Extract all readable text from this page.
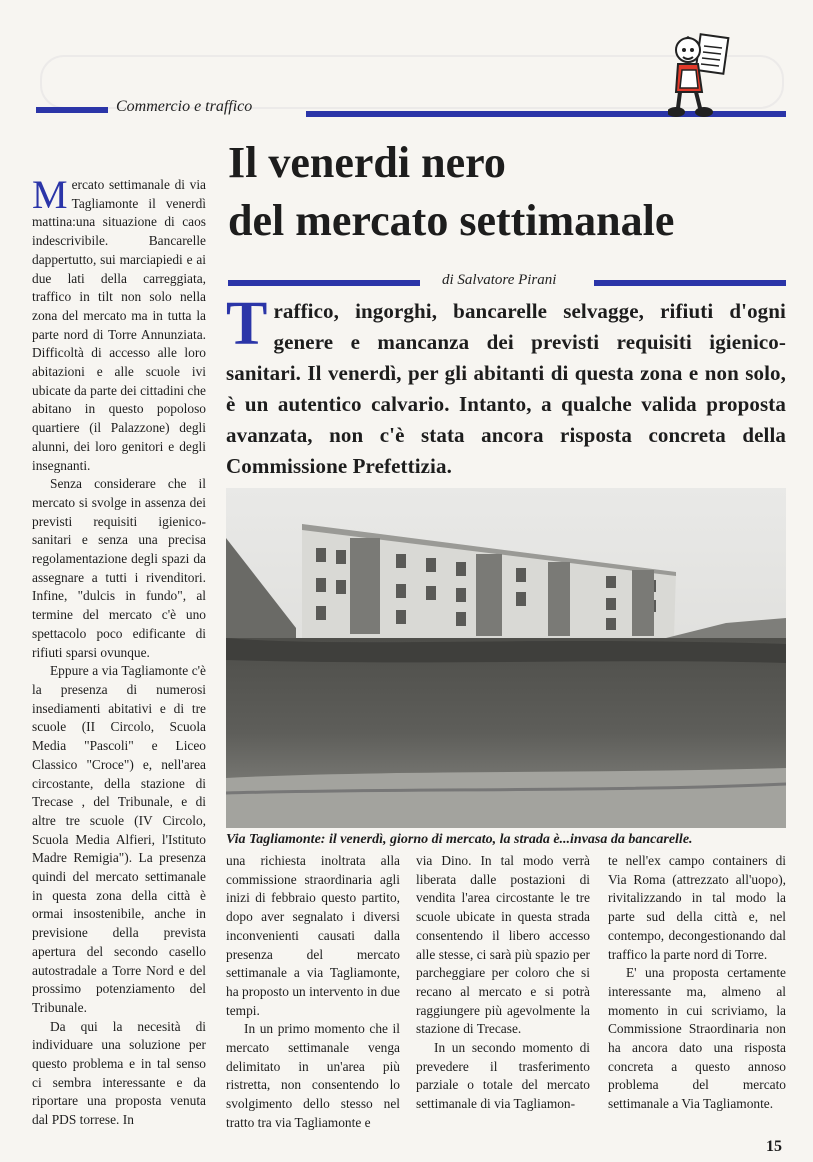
Commercio e traffico
Il venerdi nero
del mercato settimanale
di Salvatore Pirani
Traffico, ingorghi, bancarelle selvagge, rifiuti d'ogni genere e mancanza dei previsti requisiti igienico-sanitari. Il venerdì, per gli abitanti di questa zona e non solo, è un autentico calvario. Intanto, a qualche valida proposta avanzata, non c'è stata ancora risposta concreta della Commissione Prefettizia.

Mercato settimanale di via Tagliamonte il venerdì mattina:una situazione di caos indescrivibile. Bancarelle dappertutto, sui marciapiedi e ai due lati della carreggiata, traffico in tilt non solo nella zona del mercato ma in tutta la parte nord di Torre Annunziata. Difficoltà di accesso alle loro abitazioni e alle scuole ivi ubicate da parte dei cittadini che abitano in questo popoloso quartiere (il Palazzone) degli alunni, dei loro genitori e degli insegnanti.

Senza considerare che il mercato si svolge in assenza dei previsti requisiti igienico-sanitari e senza una precisa regolamentazione degli spazi da assegnare a tutti i rivenditori. Infine, "dulcis in fundo", al termine del mercato c'è uno spettacolo poco edificante di rifiuti sparsi ovunque.

Eppure a via Tagliamonte c'è la presenza di numerosi insediamenti abitativi e di tre scuole (II Circolo, Scuola Media "Pascoli" e Liceo Classico "Croce") e, nell'area circostante, della stazione di Trecase , del Tribunale, e di altre tre scuole (IV Circolo, Scuola Media Alfieri, l'Istituto Madre Remigia"). La presenza quindi del mercato settimanale in questa zona della città è ormai insostenibile, anche in previsione della prevista apertura del secondo casello autostradale a Torre Nord e del prossimo potenziamento del Tribunale.

Da qui la necesità di individuare una soluzione per questo problema e in tal senso ci sembra interessante e da riportare una proposta venuta dal PDS torrese. In

Via Tagliamonte: il venerdì, giorno di mercato, la strada è...invasa da bancarelle.

una richiesta inoltrata alla commissione straordinaria agli inizi di febbraio questo partito, dopo aver segnalato i diversi inconvenienti causati dalla presenza del mercato settimanale a via Tagliamonte, ha proposto un intervento in due tempi.

In un primo momento che il mercato settimanale venga delimitato in un'area più ristretta, non consentendo lo svolgimento dello stesso nel tratto tra via Tagliamonte e

via Dino. In tal modo verrà liberata dalle postazioni di vendita l'area circostante le tre scuole ubicate in questa strada consentendo il libero accesso alle stesse, ci sarà più spazio per parcheggiare per coloro che si recano al mercato e si potrà raggiungere più agevolmente la stazione di Trecase.

In un secondo momento di prevedere il trasferimento parziale o totale del mercato settimanale di via Tagliamon-

te nell'ex campo containers di Via Roma (attrezzato all'uopo), rivitalizzando in tal modo la parte sud della città e, nel contempo, decongestionando dal traffico la parte nord di Torre.

E' una proposta certamente interessante ma, almeno al momento in cui scriviamo, la Commissione Straordinaria non ha ancora dato una risposta concreta a questo annoso problema del mercato settimanale a Via Tagliamonte.

15
